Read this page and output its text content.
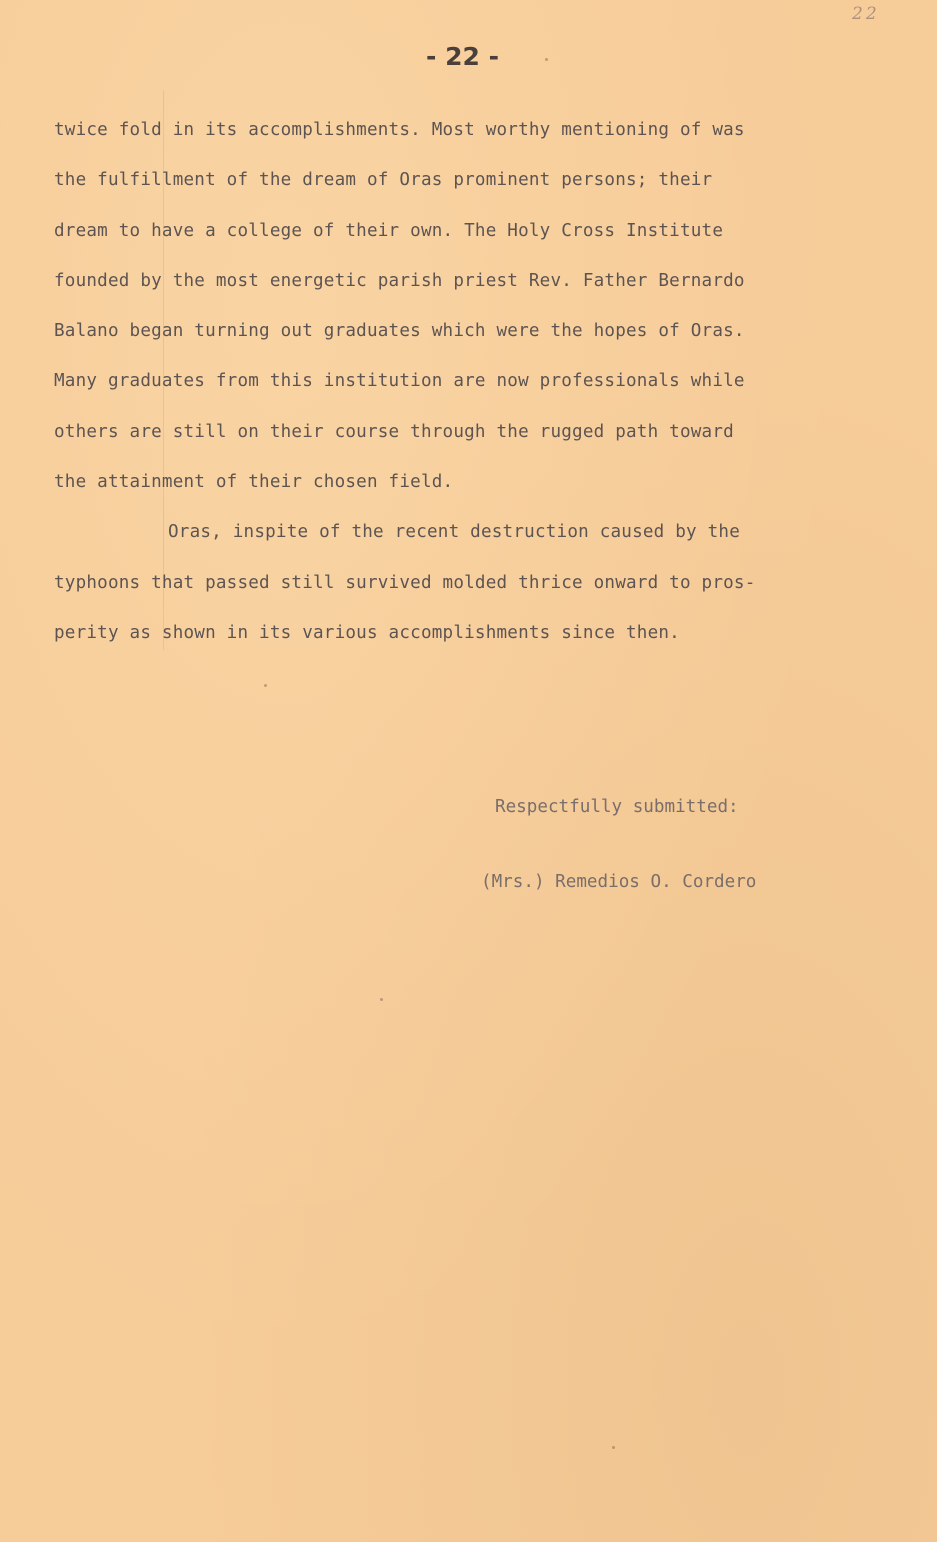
22
- 22 -
twice fold in its accomplishments. Most worthy mentioning of was
the fulfillment of the dream of Oras prominent persons; their
dream to have a college of their own. The Holy Cross Institute
founded by the most energetic parish priest Rev. Father Bernardo
Balano began turning out graduates which were the hopes of Oras.
Many graduates from this institution are now professionals while
others are still on their course through the rugged path toward
the attainment of their chosen field.
Oras, inspite of the recent destruction caused by the
typhoons that passed still survived molded thrice onward to pros-
perity as shown in its various accomplishments since then.
Respectfully submitted:
(Mrs.) Remedios O. Cordero
